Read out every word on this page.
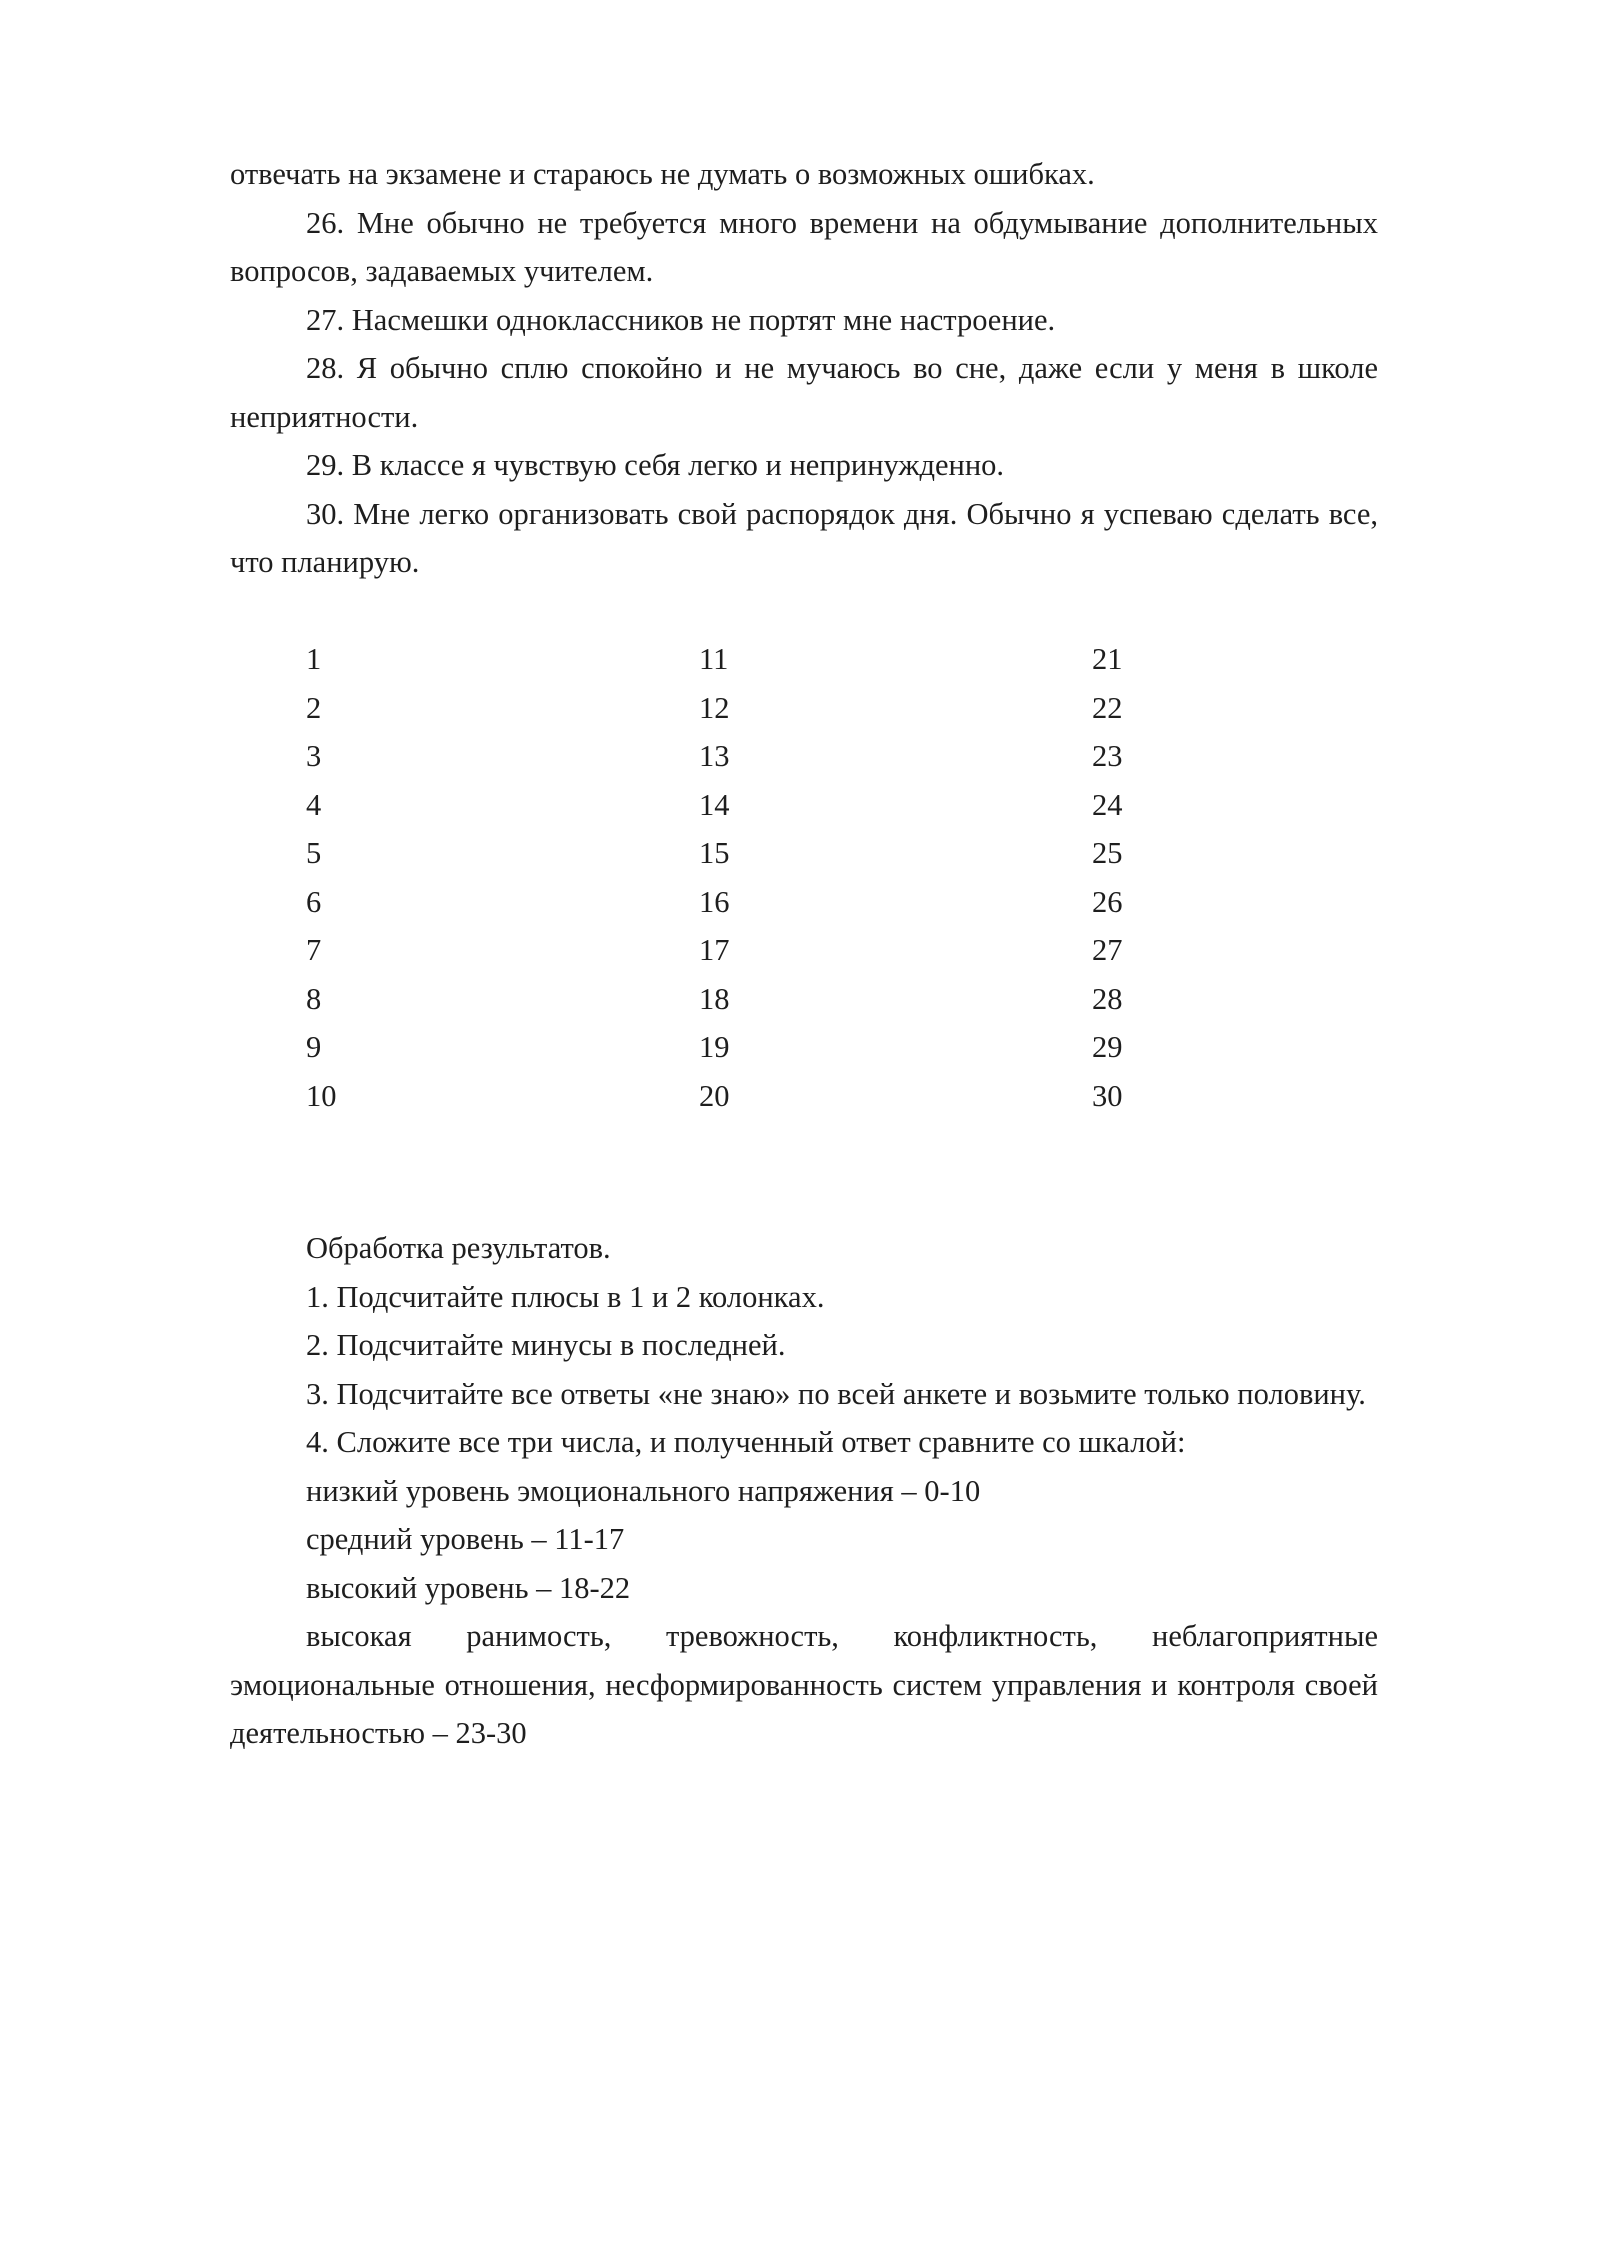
отвечать на экзамене и стараюсь не думать о возможных ошибках.

26. Мне обычно не требуется много времени на обдумывание дополнительных вопросов, задаваемых учителем.

27. Насмешки одноклассников не портят мне настроение.

28. Я обычно сплю спокойно и не мучаюсь во сне, даже если у меня в школе неприятности.

29. В классе я чувствую себя легко и непринужденно.

30. Мне легко организовать свой распорядок дня. Обычно я успеваю сделать все, что планирую.

1
2
3
4
5
6
7
8
9
10
11
12
13
14
15
16
17
18
19
20
21
22
23
24
25
26
27
28
29
30

Обработка результатов.

1. Подсчитайте плюсы в 1 и 2 колонках.

2. Подсчитайте минусы в последней.

3. Подсчитайте все ответы «не знаю» по всей анкете и возьмите только половину.

4. Сложите все три числа, и полученный ответ сравните со шкалой:

низкий уровень эмоционального напряжения – 0-10

средний уровень – 11-17

высокий уровень – 18-22

высокая ранимость, тревожность, конфликтность, неблагоприятные эмоциональные отношения, несформированность систем управления и контроля своей деятельностью – 23-30
